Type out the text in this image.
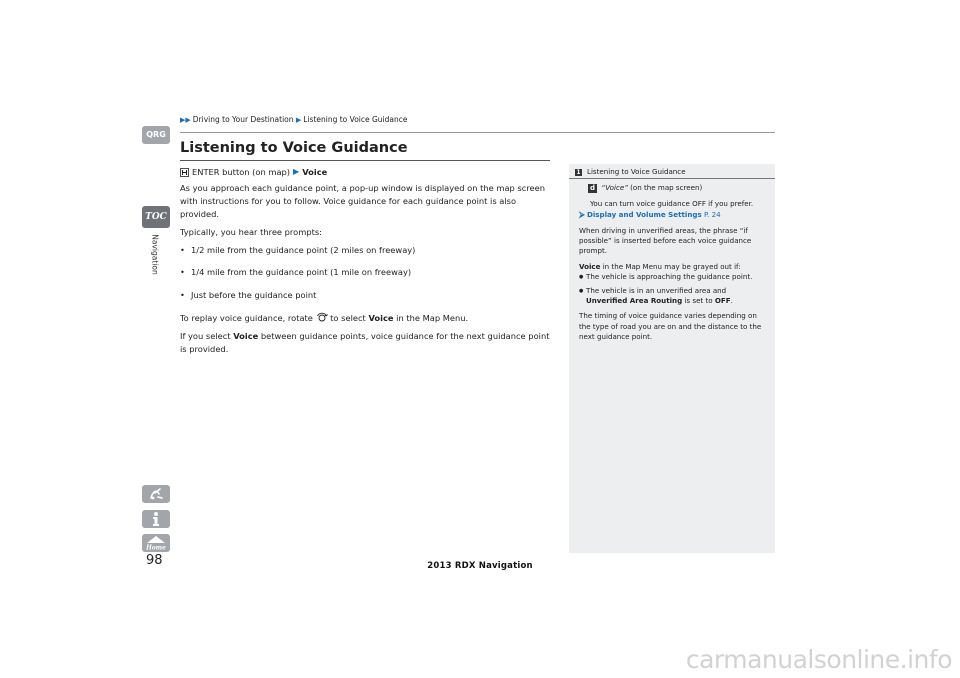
▶▶ Driving to Your Destination ▶ Listening to Voice Guidance
QRG
TOC
Navigation
Home
98
Listening to Voice Guidance

ENTER button (on map) ▶ Voice

As you approach each guidance point, a pop-up window is displayed on the map screen with instructions for you to follow. Voice guidance for each guidance point is also provided.

Typically, you hear three prompts:

• 1/2 mile from the guidance point (2 miles on freeway)
• 1/4 mile from the guidance point (1 mile on freeway)
• Just before the guidance point

To replay voice guidance, rotate to select Voice in the Map Menu.

If you select Voice between guidance points, voice guidance for the next guidance point is provided.

1 Listening to Voice Guidance

d “Voice” (on the map screen)

You can turn voice guidance OFF if you prefer.

⮚ Display and Volume Settings P. 24

When driving in unverified areas, the phrase “if possible” is inserted before each voice guidance prompt.

Voice in the Map Menu may be grayed out if:

● The vehicle is approaching the guidance point.
● The vehicle is in an unverified area and
Unverified Area Routing is set to OFF.

The timing of voice guidance varies depending on the type of road you are on and the distance to the next guidance point.

2013 RDX Navigation
carmanualsonline.info
